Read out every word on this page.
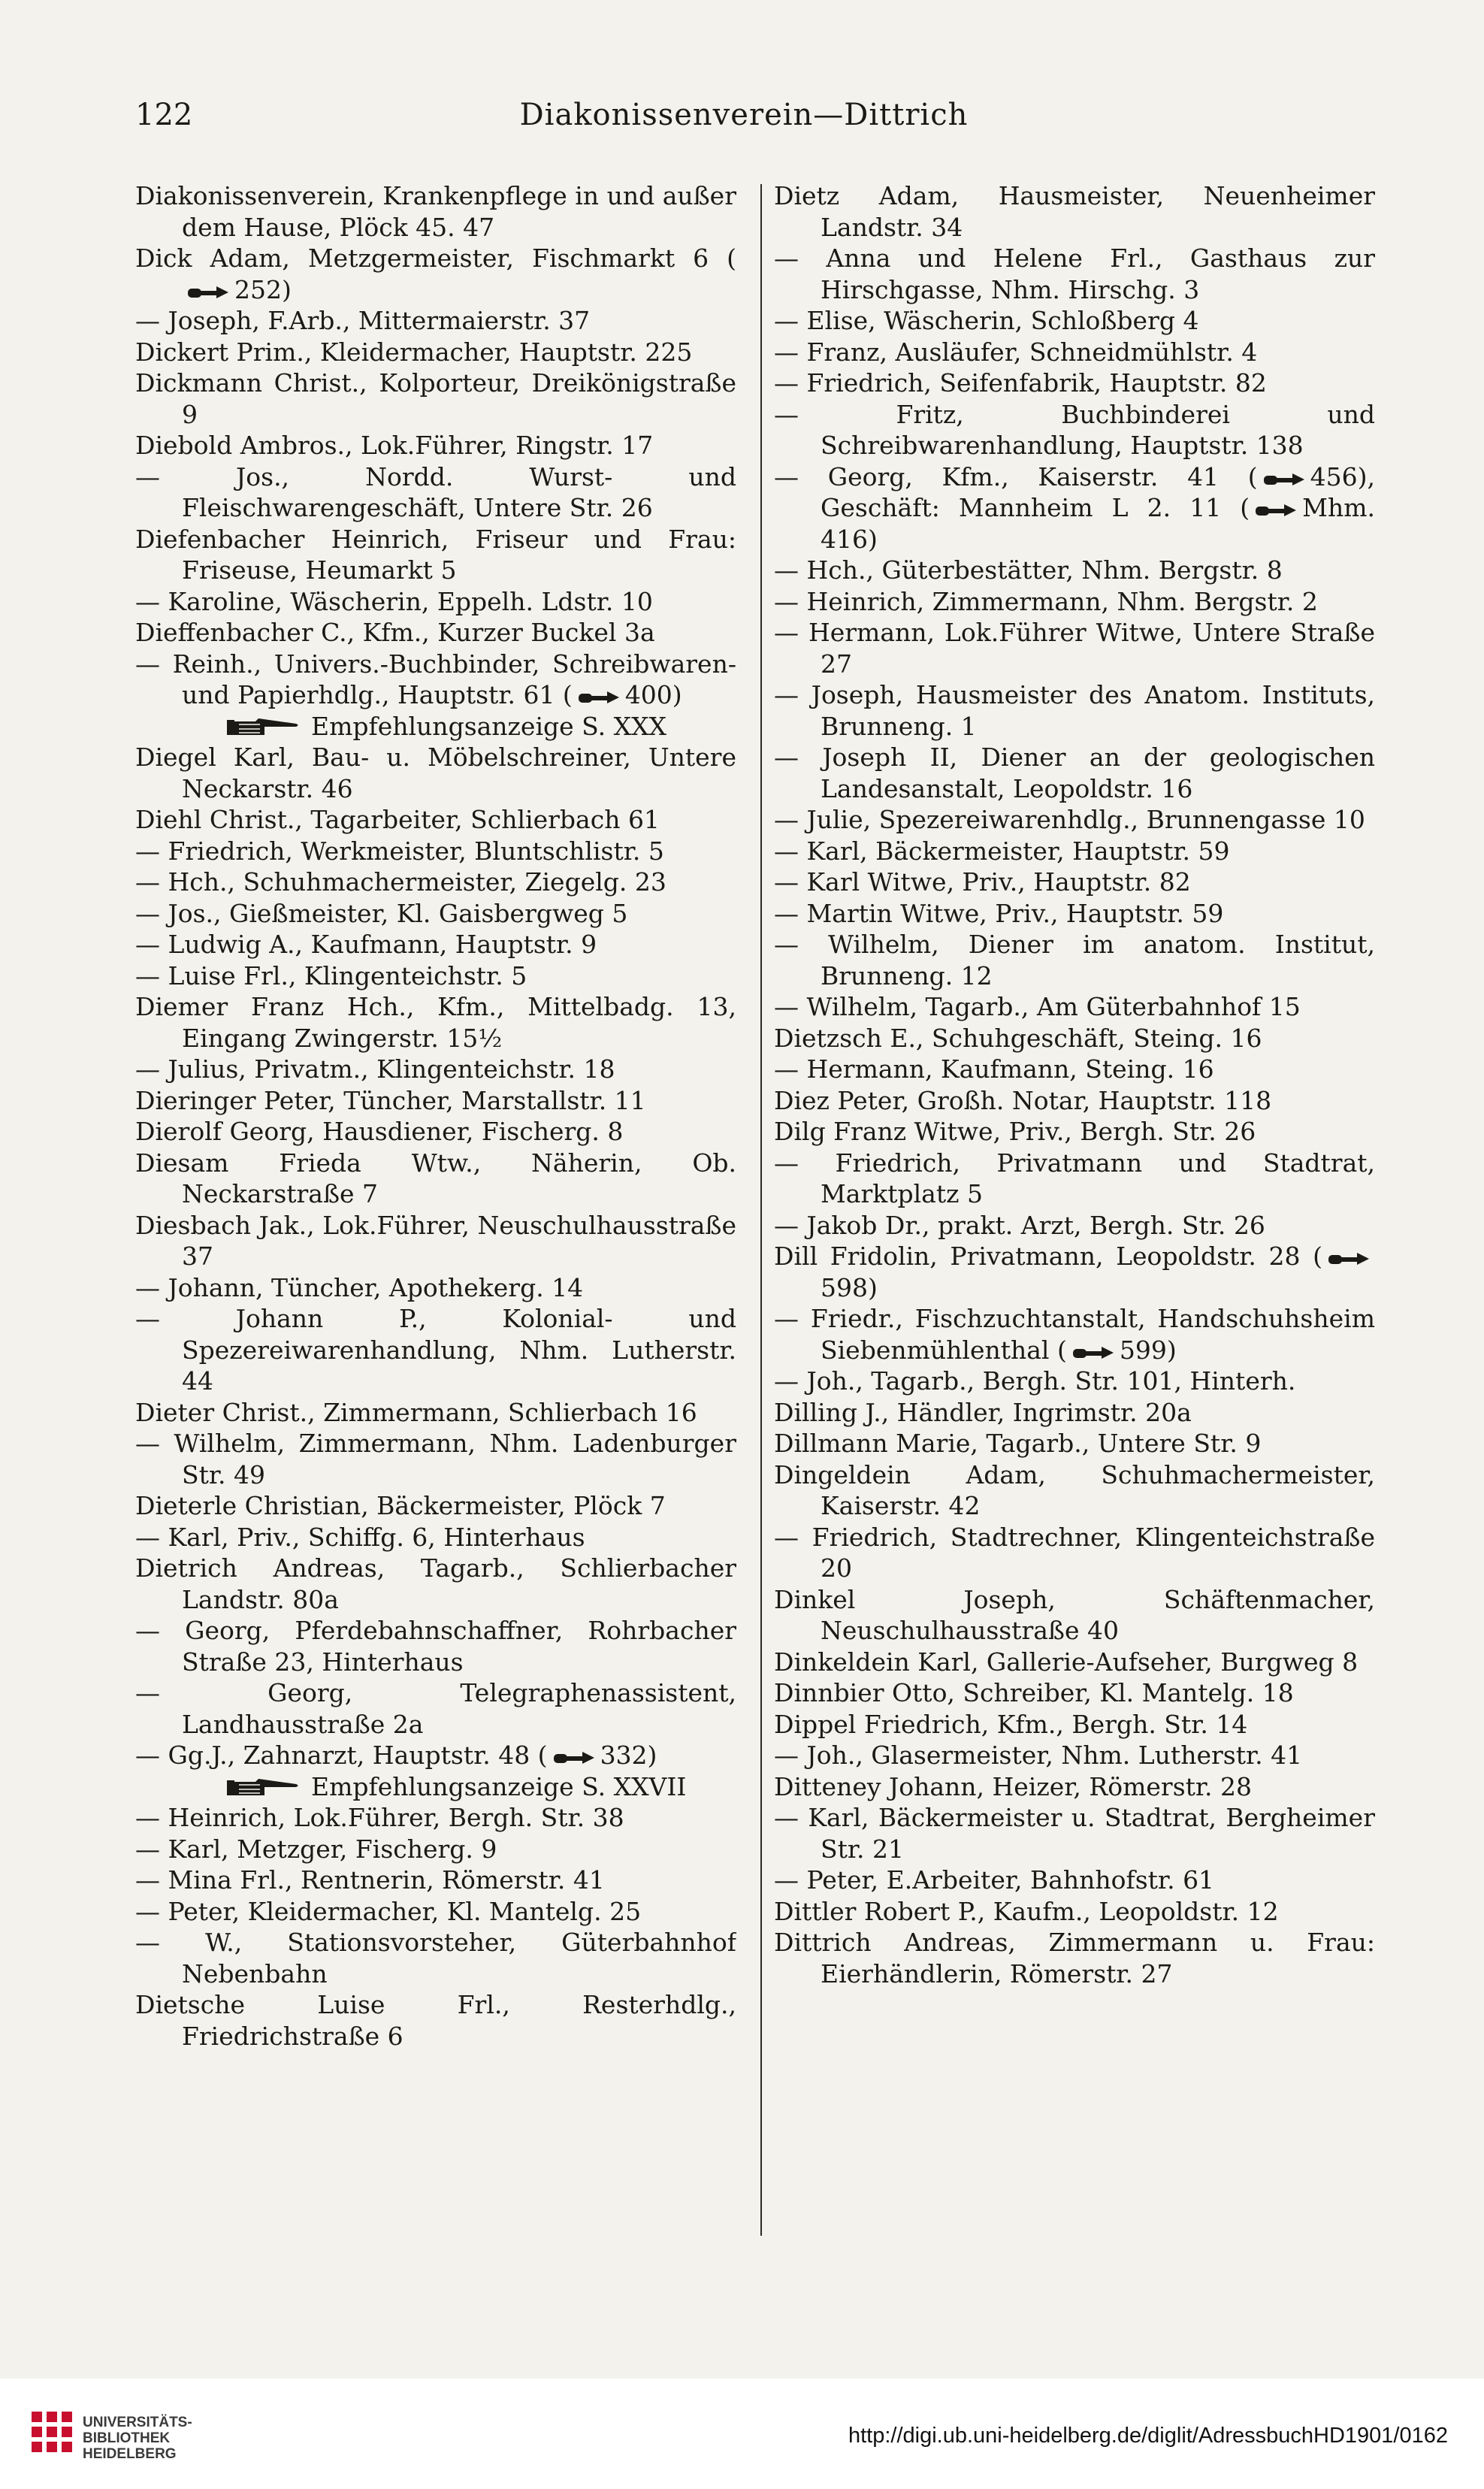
122	Diakonissenverein—Dittrich
Diakonissenverein, Krankenpflege in und außer dem Hause, Plöck 45. 47
Dick Adam, Metzgermeister, Fischmarkt 6 (252)
— Joseph, F.Arb., Mittermaierstr. 37
Dickert Prim., Kleidermacher, Hauptstr. 225
Dickmann Christ., Kolporteur, Dreikönigstraße 9
Diebold Ambros., Lok.Führer, Ringstr. 17
— Jos., Nordd. Wurst- und Fleischwarengeschäft, Untere Str. 26
Diefenbacher Heinrich, Friseur und Frau: Friseuse, Heumarkt 5
— Karoline, Wäscherin, Eppelh. Ldstr. 10
Dieffenbacher C., Kfm., Kurzer Buckel 3a
— Reinh., Univers.-Buchbinder, Schreibwaren- und Papierhdlg., Hauptstr. 61 ( 400)
Empfehlungsanzeige S. XXX
Diegel Karl, Bau- u. Möbelschreiner, Untere Neckarstr. 46
Diehl Christ., Tagarbeiter, Schlierbach 61
— Friedrich, Werkmeister, Bluntschlistr. 5
— Hch., Schuhmachermeister, Ziegelg. 23
— Jos., Gießmeister, Kl. Gaisbergweg 5
— Ludwig A., Kaufmann, Hauptstr. 9
— Luise Frl., Klingenteichstr. 5
Diemer Franz Hch., Kfm., Mittelbadg. 13, Eingang Zwingerstr. 15½
— Julius, Privatm., Klingenteichstr. 18
Dieringer Peter, Tüncher, Marstallstr. 11
Dierolf Georg, Hausdiener, Fischerg. 8
Diesam Frieda Wtw., Näherin, Ob. Neckarstraße 7
Diesbach Jak., Lok.Führer, Neuschulhausstraße 37
— Johann, Tüncher, Apothekerg. 14
— Johann P., Kolonial- und Spezereiwarenhandlung, Nhm. Lutherstr. 44
Dieter Christ., Zimmermann, Schlierbach 16
— Wilhelm, Zimmermann, Nhm. Ladenburger Str. 49
Dieterle Christian, Bäckermeister, Plöck 7
— Karl, Priv., Schiffg. 6, Hinterhaus
Dietrich Andreas, Tagarb., Schlierbacher Landstr. 80a
— Georg, Pferdebahnschaffner, Rohrbacher Straße 23, Hinterhaus
— Georg, Telegraphenassistent, Landhausstraße 2a
— Gg.J., Zahnarzt, Hauptstr. 48 ( 332)
Empfehlungsanzeige S. XXVII
— Heinrich, Lok.Führer, Bergh. Str. 38
— Karl, Metzger, Fischerg. 9
— Mina Frl., Rentnerin, Römerstr. 41
— Peter, Kleidermacher, Kl. Mantelg. 25
— W., Stationsvorsteher, Güterbahnhof Nebenbahn
Dietsche Luise Frl., Resterhdlg., Friedrichstraße 6
Dietz Adam, Hausmeister, Neuenheimer Landstr. 34
— Anna und Helene Frl., Gasthaus zur Hirschgasse, Nhm. Hirschg. 3
— Elise, Wäscherin, Schloßberg 4
— Franz, Ausläufer, Schneidmühlstr. 4
— Friedrich, Seifenfabrik, Hauptstr. 82
— Fritz, Buchbinderei und Schreibwarenhandlung, Hauptstr. 138
— Georg, Kfm., Kaiserstr. 41 ( 456), Geschäft: Mannheim L 2. 11 ( Mhm. 416)
— Hch., Güterbestätter, Nhm. Bergstr. 8
— Heinrich, Zimmermann, Nhm. Bergstr. 2
— Hermann, Lok.Führer Witwe, Untere Straße 27
— Joseph, Hausmeister des Anatom. Instituts, Brunneng. 1
— Joseph II, Diener an der geologischen Landesanstalt, Leopoldstr. 16
— Julie, Spezereiwarenhdlg., Brunnengasse 10
— Karl, Bäckermeister, Hauptstr. 59
— Karl Witwe, Priv., Hauptstr. 82
— Martin Witwe, Priv., Hauptstr. 59
— Wilhelm, Diener im anatom. Institut, Brunneng. 12
— Wilhelm, Tagarb., Am Güterbahnhof 15
Dietzsch E., Schuhgeschäft, Steing. 16
— Hermann, Kaufmann, Steing. 16
Diez Peter, Großh. Notar, Hauptstr. 118
Dilg Franz Witwe, Priv., Bergh. Str. 26
— Friedrich, Privatmann und Stadtrat, Marktplatz 5
— Jakob Dr., prakt. Arzt, Bergh. Str. 26
Dill Fridolin, Privatmann, Leopoldstr. 28 (598)
— Friedr., Fischzuchtanstalt, Handschuhsheim Siebenmühlenthal ( 599)
— Joh., Tagarb., Bergh. Str. 101, Hinterh.
Dilling J., Händler, Ingrimstr. 20a
Dillmann Marie, Tagarb., Untere Str. 9
Dingeldein Adam, Schuhmachermeister, Kaiserstr. 42
— Friedrich, Stadtrechner, Klingenteichstraße 20
Dinkel Joseph, Schäftenmacher, Neuschulhausstraße 40
Dinkeldein Karl, Gallerie-Aufseher, Burgweg 8
Dinnbier Otto, Schreiber, Kl. Mantelg. 18
Dippel Friedrich, Kfm., Bergh. Str. 14
— Joh., Glasermeister, Nhm. Lutherstr. 41
Ditteney Johann, Heizer, Römerstr. 28
— Karl, Bäckermeister u. Stadtrat, Bergheimer Str. 21
— Peter, E.Arbeiter, Bahnhofstr. 61
Dittler Robert P., Kaufm., Leopoldstr. 12
Dittrich Andreas, Zimmermann u. Frau: Eierhändlerin, Römerstr. 27
UNIVERSITÄTS-
BIBLIOTHEK
HEIDELBERG
http://digi.ub.uni-heidelberg.de/diglit/AdressbuchHD1901/0162
